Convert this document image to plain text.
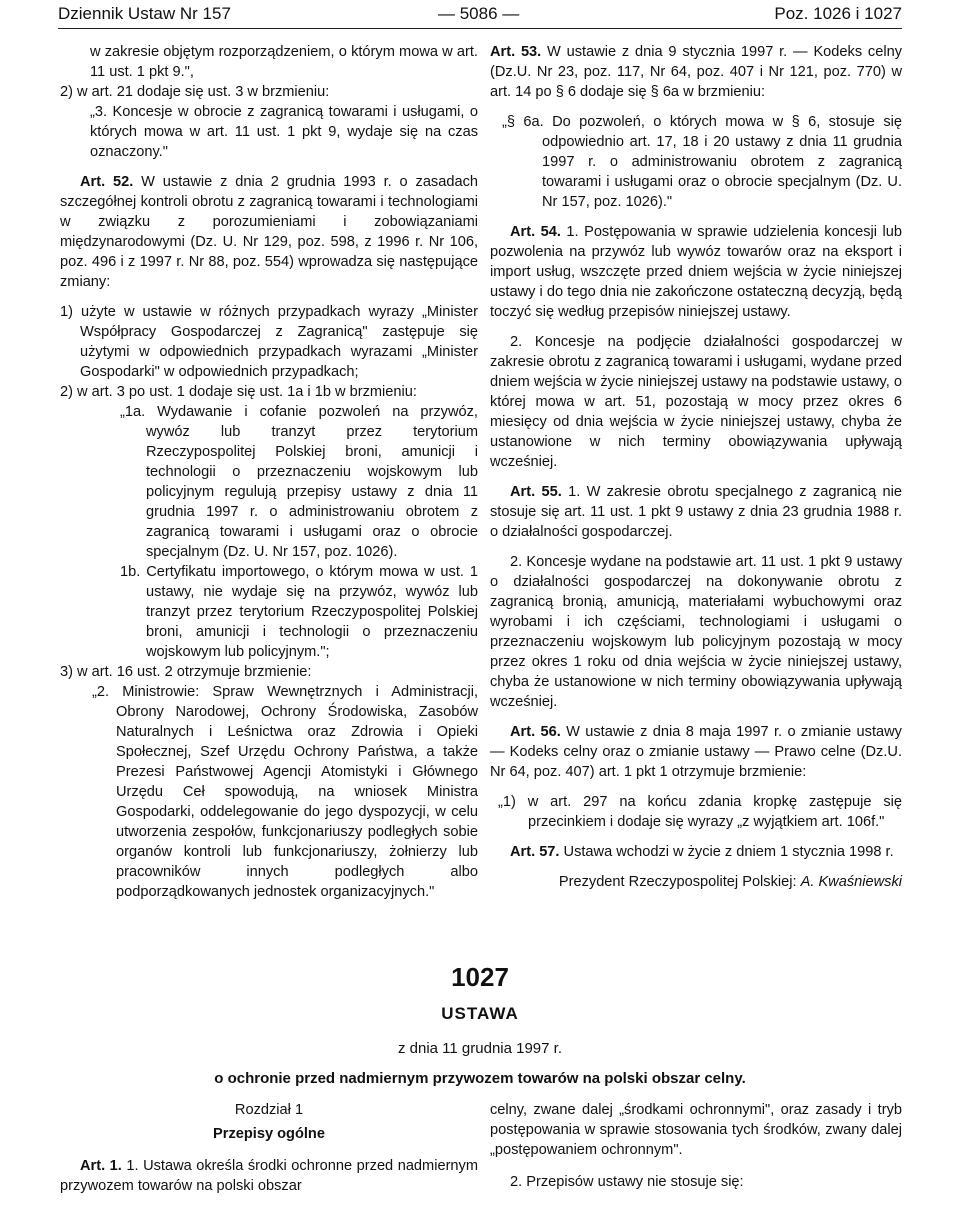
Dziennik Ustaw Nr 157	— 5086 —	Poz. 1026 i 1027

w zakresie objętym rozporządzeniem, o którym mowa w art. 11 ust. 1 pkt 9.",

2) w art. 21 dodaje się ust. 3 w brzmieniu:

„3. Koncesje w obrocie z zagranicą towarami i usługami, o których mowa w art. 11 ust. 1 pkt 9, wydaje się na czas oznaczony."

Art. 52. W ustawie z dnia 2 grudnia 1993 r. o zasadach szczegółnej kontroli obrotu z zagranicą towarami i technologiami w związku z porozumieniami i zobowiązaniami międzynarodowymi (Dz. U. Nr 129, poz. 598, z 1996 r. Nr 106, poz. 496 i z 1997 r. Nr 88, poz. 554) wprowadza się następujące zmiany:

1) użyte w ustawie w różnych przypadkach wyrazy „Minister Współpracy Gospodarczej z Zagranicą" zastępuje się użytymi w odpowiednich przypadkach wyrazami „Minister Gospodarki" w odpowiednich przypadkach;

2) w art. 3 po ust. 1 dodaje się ust. 1a i 1b w brzmieniu:

„1a. Wydawanie i cofanie pozwoleń na przywóz, wywóz lub tranzyt przez terytorium Rzeczypospolitej Polskiej broni, amunicji i technologii o przeznaczeniu wojskowym lub policyjnym regulują przepisy ustawy z dnia 11 grudnia 1997 r. o administrowaniu obrotem z zagranicą towarami i usługami oraz o obrocie specjalnym (Dz. U. Nr 157, poz. 1026).

1b. Certyfikatu importowego, o którym mowa w ust. 1 ustawy, nie wydaje się na przywóz, wywóz lub tranzyt przez terytorium Rzeczypospolitej Polskiej broni, amunicji i technologii o przeznaczeniu wojskowym lub policyjnym.";

3) w art. 16 ust. 2 otrzymuje brzmienie:

„2. Ministrowie: Spraw Wewnętrznych i Administracji, Obrony Narodowej, Ochrony Środowiska, Zasobów Naturalnych i Leśnictwa oraz Zdrowia i Opieki Społecznej, Szef Urzędu Ochrony Państwa, a także Prezesi Państwowej Agencji Atomistyki i Głównego Urzędu Ceł spowodują, na wniosek Ministra Gospodarki, oddelegowanie do jego dyspozycji, w celu utworzenia zespołów, funkcjonariuszy podległych sobie organów kontroli lub funkcjonariuszy, żołnierzy lub pracowników innych podległych albo podporządkowanych jednostek organizacyjnych."

Art. 53. W ustawie z dnia 9 stycznia 1997 r. — Kodeks celny (Dz.U. Nr 23, poz. 117, Nr 64, poz. 407 i Nr 121, poz. 770) w art. 14 po § 6 dodaje się § 6a w brzmieniu:

„§ 6a. Do pozwoleń, o których mowa w § 6, stosuje się odpowiednio art. 17, 18 i 20 ustawy z dnia 11 grudnia 1997 r. o administrowaniu obrotem z zagranicą towarami i usługami oraz o obrocie specjalnym (Dz. U. Nr 157, poz. 1026)."

Art. 54. 1. Postępowania w sprawie udzielenia koncesji lub pozwolenia na przywóz lub wywóz towarów oraz na eksport i import usług, wszczęte przed dniem wejścia w życie niniejszej ustawy i do tego dnia nie zakończone ostateczną decyzją, będą toczyć się według przepisów niniejszej ustawy.

2. Koncesje na podjęcie działalności gospodarczej w zakresie obrotu z zagranicą towarami i usługami, wydane przed dniem wejścia w życie niniejszej ustawy na podstawie ustawy, o której mowa w art. 51, pozostają w mocy przez okres 6 miesięcy od dnia wejścia w życie niniejszej ustawy, chyba że ustanowione w nich terminy obowiązywania upływają wcześniej.

Art. 55. 1. W zakresie obrotu specjalnego z zagranicą nie stosuje się art. 11 ust. 1 pkt 9 ustawy z dnia 23 grudnia 1988 r. o działalności gospodarczej.

2. Koncesje wydane na podstawie art. 11 ust. 1 pkt 9 ustawy o działalności gospodarczej na dokonywanie obrotu z zagranicą bronią, amunicją, materiałami wybuchowymi oraz wyrobami i ich częściami, technologiami i usługami o przeznaczeniu wojskowym lub policyjnym pozostają w mocy przez okres 1 roku od dnia wejścia w życie niniejszej ustawy, chyba że ustanowione w nich terminy obowiązywania upływają wcześniej.

Art. 56. W ustawie z dnia 8 maja 1997 r. o zmianie ustawy — Kodeks celny oraz o zmianie ustawy — Prawo celne (Dz.U. Nr 64, poz. 407) art. 1 pkt 1 otrzymuje brzmienie:

„1) w art. 297 na końcu zdania kropkę zastępuje się przecinkiem i dodaje się wyrazy „z wyjątkiem art. 106f."

Art. 57. Ustawa wchodzi w życie z dniem 1 stycznia 1998 r.

Prezydent Rzeczypospolitej Polskiej: A. Kwaśniewski

1027
USTAWA
z dnia 11 grudnia 1997 r.
o ochronie przed nadmiernym przywozem towarów na polski obszar celny.

Rozdział 1

Przepisy ogólne

Art. 1. 1. Ustawa określa środki ochronne przed nadmiernym przywozem towarów na polski obszar

celny, zwane dalej „środkami ochronnymi", oraz zasady i tryb postępowania w sprawie stosowania tych środków, zwany dalej „postępowaniem ochronnym".

2. Przepisów ustawy nie stosuje się:
